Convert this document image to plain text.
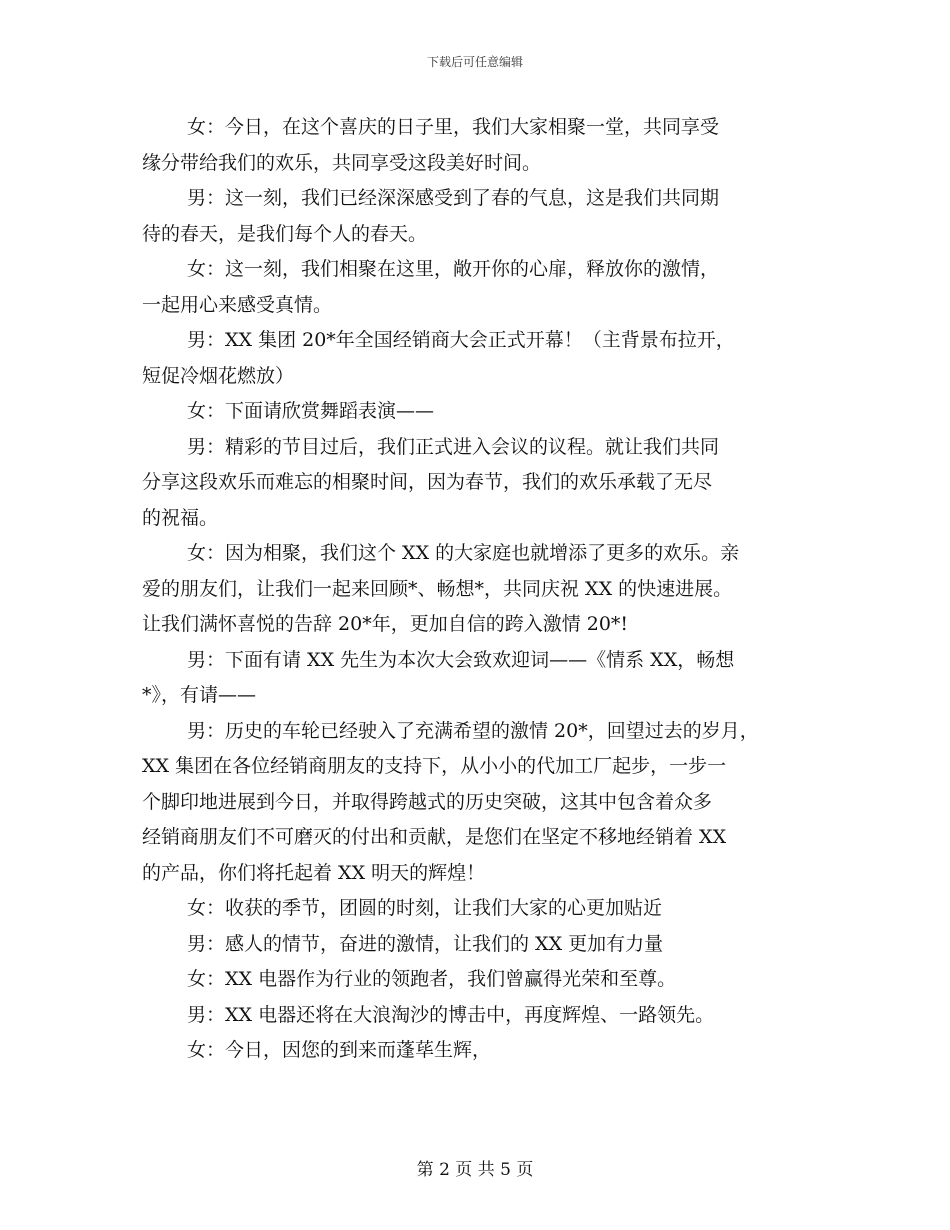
下载后可任意编辑
女：今日，在这个喜庆的日子里，我们大家相聚一堂，共同享受
缘分带给我们的欢乐，共同享受这段美好时间。
男：这一刻，我们已经深深感受到了春的气息，这是我们共同期
待的春天，是我们每个人的春天。
女：这一刻，我们相聚在这里，敞开你的心扉，释放你的激情，
一起用心来感受真情。
男：XX 集团 20*年全国经销商大会正式开幕！（主背景布拉开，
短促冷烟花燃放）
女：下面请欣赏舞蹈表演——
男：精彩的节目过后，我们正式进入会议的议程。就让我们共同
分享这段欢乐而难忘的相聚时间，因为春节，我们的欢乐承载了无尽
的祝福。
女：因为相聚，我们这个 XX 的大家庭也就增添了更多的欢乐。亲
爱的朋友们，让我们一起来回顾*、畅想*，共同庆祝 XX 的快速进展。
让我们满怀喜悦的告辞 20*年，更加自信的跨入激情 20*!
男：下面有请 XX 先生为本次大会致欢迎词——《情系 XX，畅想
*》，有请——
男：历史的车轮已经驶入了充满希望的激情 20*，回望过去的岁月，
XX 集团在各位经销商朋友的支持下，从小小的代加工厂起步，一步一
个脚印地进展到今日，并取得跨越式的历史突破，这其中包含着众多
经销商朋友们不可磨灭的付出和贡献，是您们在坚定不移地经销着 XX
的产品，你们将托起着 XX 明天的辉煌！
女：收获的季节，团圆的时刻，让我们大家的心更加贴近
男：感人的情节，奋进的激情，让我们的 XX 更加有力量
女：XX 电器作为行业的领跑者，我们曾赢得光荣和至尊。
男：XX 电器还将在大浪淘沙的博击中，再度辉煌、一路领先。
女：今日，因您的到来而蓬荜生辉，
第 2 页 共 5 页
